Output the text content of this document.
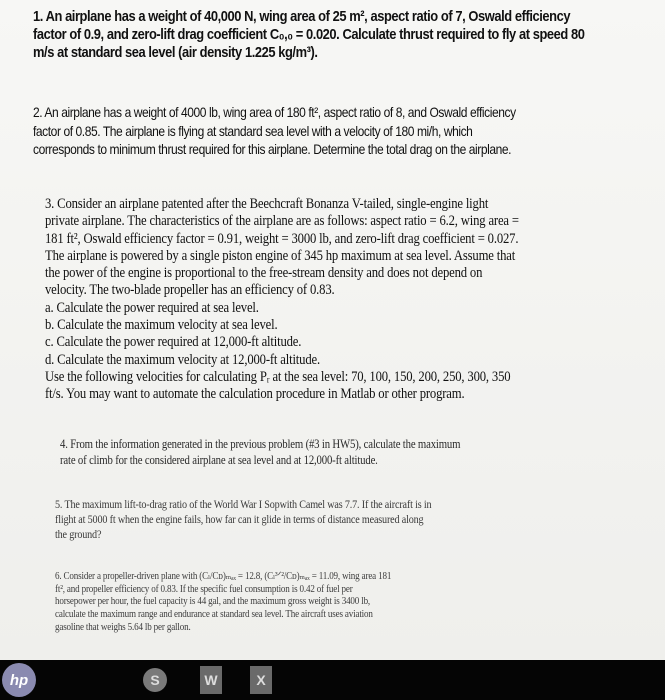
1. An airplane has a weight of 40,000 N, wing area of 25 m², aspect ratio of 7, Oswald efficiency
factor of 0.9, and zero-lift drag coefficient C₀,₀ = 0.020. Calculate thrust required to fly at speed 80
m/s at standard sea level (air density 1.225 kg/m³).

2. An airplane has a weight of 4000 lb, wing area of 180 ft², aspect ratio of 8, and Oswald efficiency
factor of 0.85. The airplane is flying at standard sea level with a velocity of 180 mi/h, which
corresponds to minimum thrust required for this airplane. Determine the total drag on the airplane.

3. Consider an airplane patented after the Beechcraft Bonanza V-tailed, single-engine light
private airplane. The characteristics of the airplane are as follows: aspect ratio = 6.2, wing area =
181 ft², Oswald efficiency factor = 0.91, weight = 3000 lb, and zero-lift drag coefficient = 0.027.
The airplane is powered by a single piston engine of 345 hp maximum at sea level. Assume that
the power of the engine is proportional to the free-stream density and does not depend on
velocity. The two-blade propeller has an efficiency of 0.83.
a. Calculate the power required at sea level.
b. Calculate the maximum velocity at sea level.
c. Calculate the power required at 12,000-ft altitude.
d. Calculate the maximum velocity at 12,000-ft altitude.
Use the following velocities for calculating Pᵣ at the sea level: 70, 100, 150, 200, 250, 300, 350
ft/s. You may want to automate the calculation procedure in Matlab or other program.

4. From the information generated in the previous problem (#3 in HW5), calculate the maximum
rate of climb for the considered airplane at sea level and at 12,000-ft altitude.

5. The maximum lift-to-drag ratio of the World War I Sopwith Camel was 7.7. If the aircraft is in
flight at 5000 ft when the engine fails, how far can it glide in terms of distance measured along
the ground?

6. Consider a propeller-driven plane with (Cₗ/Cᴅ)ₘₐₓ = 12.8, (Cₗ³ᐟ²/Cᴅ)ₘₐₓ = 11.09, wing area 181
ft², and propeller efficiency of 0.83. If the specific fuel consumption is 0.42 of fuel per
horsepower per hour, the fuel capacity is 44 gal, and the maximum gross weight is 3400 lb,
calculate the maximum range and endurance at standard sea level. The aircraft uses aviation
gasoline that weighs 5.64 lb per gallon.

hp	S	W	X
